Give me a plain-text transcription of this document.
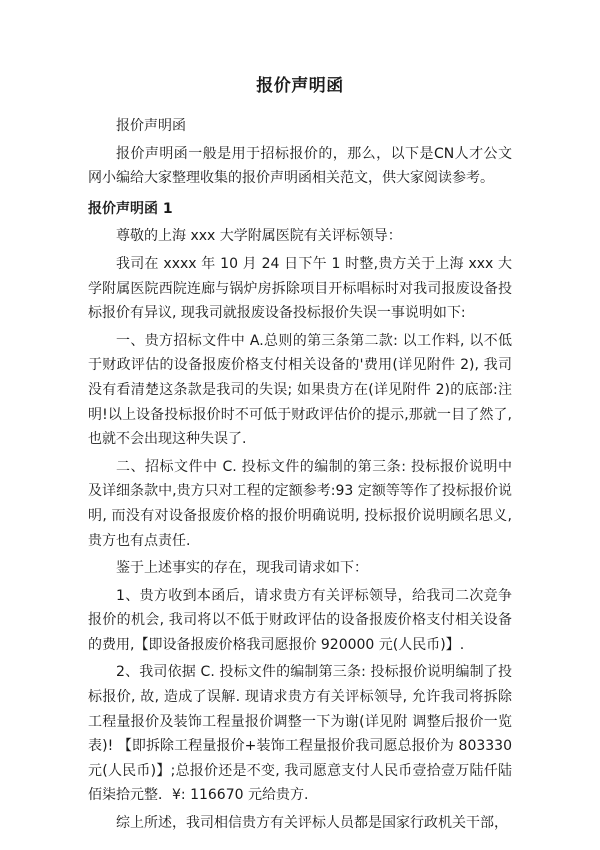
报价声明函

报价声明函

报价声明函一般是用于招标报价的，那么，以下是CN人才公文网小编给大家整理收集的报价声明函相关范文，供大家阅读参考。

报价声明函 1

尊敬的上海 xxx 大学附属医院有关评标领导：

我司在 xxxx 年 10 月 24 日下午 1 时整,贵方关于上海 xxx 大学附属医院西院连廊与锅炉房拆除项目开标唱标时对我司报废设备投标报价有异议, 现我司就报废设备投标报价失误一事说明如下:

一、贵方招标文件中 A.总则的第三条第二款: 以工作料, 以不低于财政评估的设备报废价格支付相关设备的'费用(详见附件 2), 我司没有看清楚这条款是我司的失误; 如果贵方在(详见附件 2)的底部:注明!以上设备投标报价时不可低于财政评估价的提示,那就一目了然了, 也就不会出现这种失误了.

二、招标文件中 C. 投标文件的编制的第三条: 投标报价说明中及详细条款中,贵方只对工程的定额参考:93 定额等等作了投标报价说明, 而没有对设备报废价格的报价明确说明, 投标报价说明顾名思义,贵方也有点责任.

鉴于上述事实的存在，现我司请求如下：

1、贵方收到本函后，请求贵方有关评标领导，给我司二次竞争报价的机会, 我司将以不低于财政评估的设备报废价格支付相关设备的费用,【即设备报废价格我司愿报价 920000 元(人民币)】.

2、我司依据 C. 投标文件的编制第三条: 投标报价说明编制了投标报价, 故, 造成了误解. 现请求贵方有关评标领导, 允许我司将拆除工程量报价及装饰工程量报价调整一下为谢(详见附 调整后报价一览表)! 【即拆除工程量报价+装饰工程量报价我司愿总报价为 803330 元(人民币)】;总报价还是不变, 我司愿意支付人民币壹拾壹万陆仟陆佰柒拾元整．¥: 116670 元给贵方.

综上所述，我司相信贵方有关评标人员都是国家行政机关干部，
